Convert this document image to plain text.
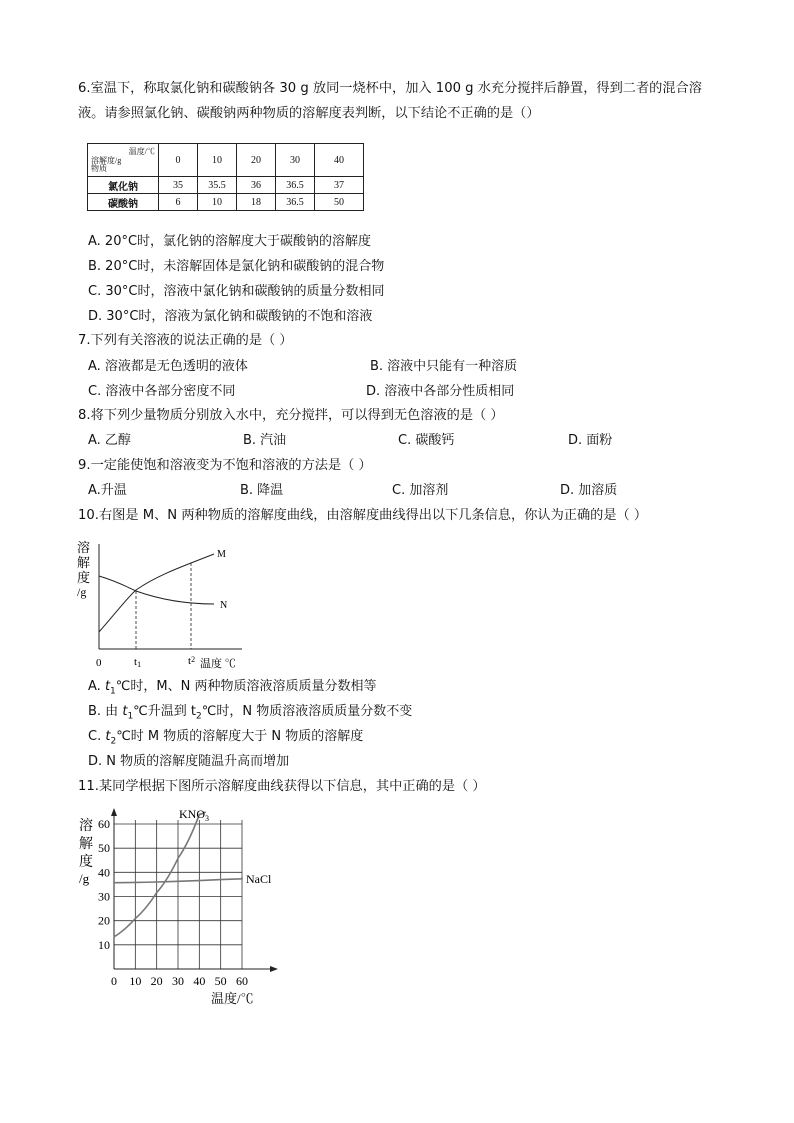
6.室温下，称取氯化钠和碳酸钠各 30 g 放同一烧杯中，加入 100 g 水充分搅拌后静置，得到二者的混合溶
液。请参照氯化钠、碳酸钠两种物质的溶解度表判断，以下结论不正确的是（）
温度/℃
溶解度/g
物质	0	10	20	30	40
氯化钠	35	35.5	36	36.5	37
碳酸钠	6	10	18	36.5	50
A. 20°C时，氯化钠的溶解度大于碳酸钠的溶解度
B. 20°C时，未溶解固体是氯化钠和碳酸钠的混合物
C. 30°C时，溶液中氯化钠和碳酸钠的质量分数相同
D. 30°C时，溶液为氯化钠和碳酸钠的不饱和溶液
7.下列有关溶液的说法正确的是（ ）
A. 溶液都是无色透明的液体	B. 溶液中只能有一种溶质
C. 溶液中各部分密度不同	D. 溶液中各部分性质相同
8.将下列少量物质分别放入水中，充分搅拌，可以得到无色溶液的是（ ）
A. 乙醇	B. 汽油	C. 碳酸钙	D. 面粉
9.一定能使饱和溶液变为不饱和溶液的方法是（ ）
A.升温	B. 降温	C. 加溶剂	D. 加溶质
10.右图是 M、N 两种物质的溶解度曲线，由溶解度曲线得出以下几条信息，你认为正确的是（ ）
溶
解
度
/g
M
N
0	t1	t2 温度 ℃
A. $t_1℃$时，M、N 两种物质溶液溶质质量分数相等
B. 由 $t_1℃$升温到 $t_2℃$时，N 物质溶液溶质质量分数不变
C. $t_2℃$时 M 物质的溶解度大于 N 物质的溶解度
D. N 物质的溶解度随温升高而增加
11.某同学根据下图所示溶解度曲线获得以下信息，其中正确的是（ ）
10
20
30
40
50
60
0 10 20 30 40 50 60
溶
解
度
/g
$KNO_3$
NaCl
温度/℃
